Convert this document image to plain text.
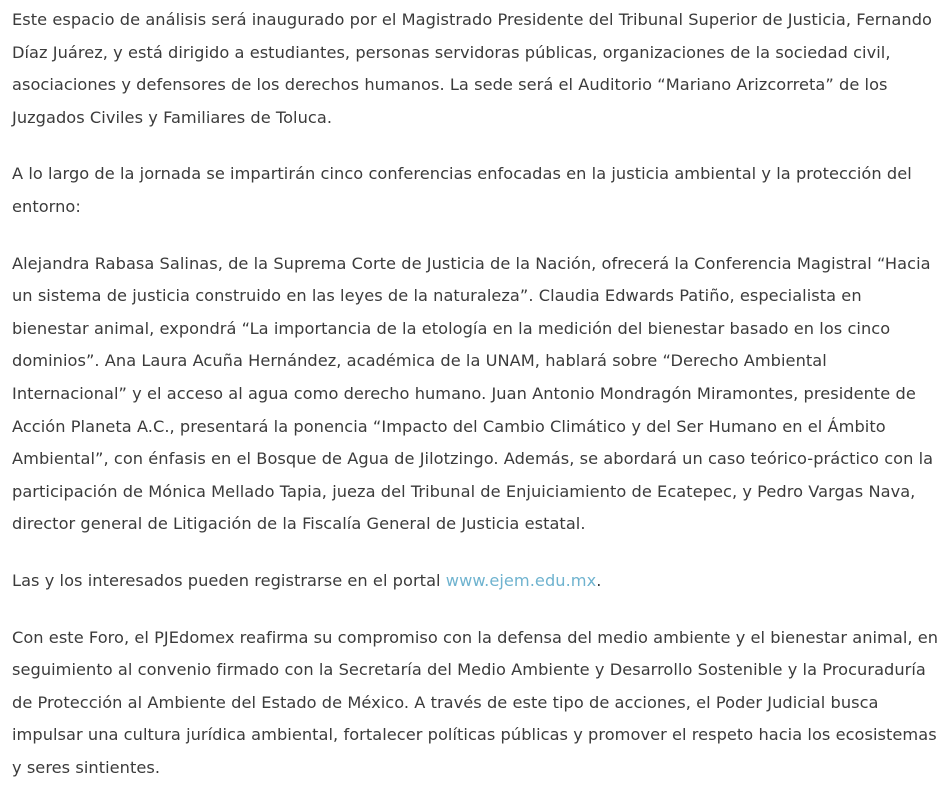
Este espacio de análisis será inaugurado por el Magistrado Presidente del Tribunal Superior de Justicia, Fernando Díaz Juárez, y está dirigido a estudiantes, personas servidoras públicas, organizaciones de la sociedad civil, asociaciones y defensores de los derechos humanos. La sede será el Auditorio “Mariano Arizcorreta” de los Juzgados Civiles y Familiares de Toluca.

A lo largo de la jornada se impartirán cinco conferencias enfocadas en la justicia ambiental y la protección del entorno:

Alejandra Rabasa Salinas, de la Suprema Corte de Justicia de la Nación, ofrecerá la Conferencia Magistral “Hacia un sistema de justicia construido en las leyes de la naturaleza”. Claudia Edwards Patiño, especialista en bienestar animal, expondrá “La importancia de la etología en la medición del bienestar basado en los cinco dominios”. Ana Laura Acuña Hernández, académica de la UNAM, hablará sobre “Derecho Ambiental Internacional” y el acceso al agua como derecho humano. Juan Antonio Mondragón Miramontes, presidente de Acción Planeta A.C., presentará la ponencia “Impacto del Cambio Climático y del Ser Humano en el Ámbito Ambiental”, con énfasis en el Bosque de Agua de Jilotzingo. Además, se abordará un caso teórico-práctico con la participación de Mónica Mellado Tapia, jueza del Tribunal de Enjuiciamiento de Ecatepec, y Pedro Vargas Nava, director general de Litigación de la Fiscalía General de Justicia estatal.

Las y los interesados pueden registrarse en el portal www.ejem.edu.mx.

Con este Foro, el PJEdomex reafirma su compromiso con la defensa del medio ambiente y el bienestar animal, en seguimiento al convenio firmado con la Secretaría del Medio Ambiente y Desarrollo Sostenible y la Procuraduría de Protección al Ambiente del Estado de México. A través de este tipo de acciones, el Poder Judicial busca impulsar una cultura jurídica ambiental, fortalecer políticas públicas y promover el respeto hacia los ecosistemas y seres sintientes.
